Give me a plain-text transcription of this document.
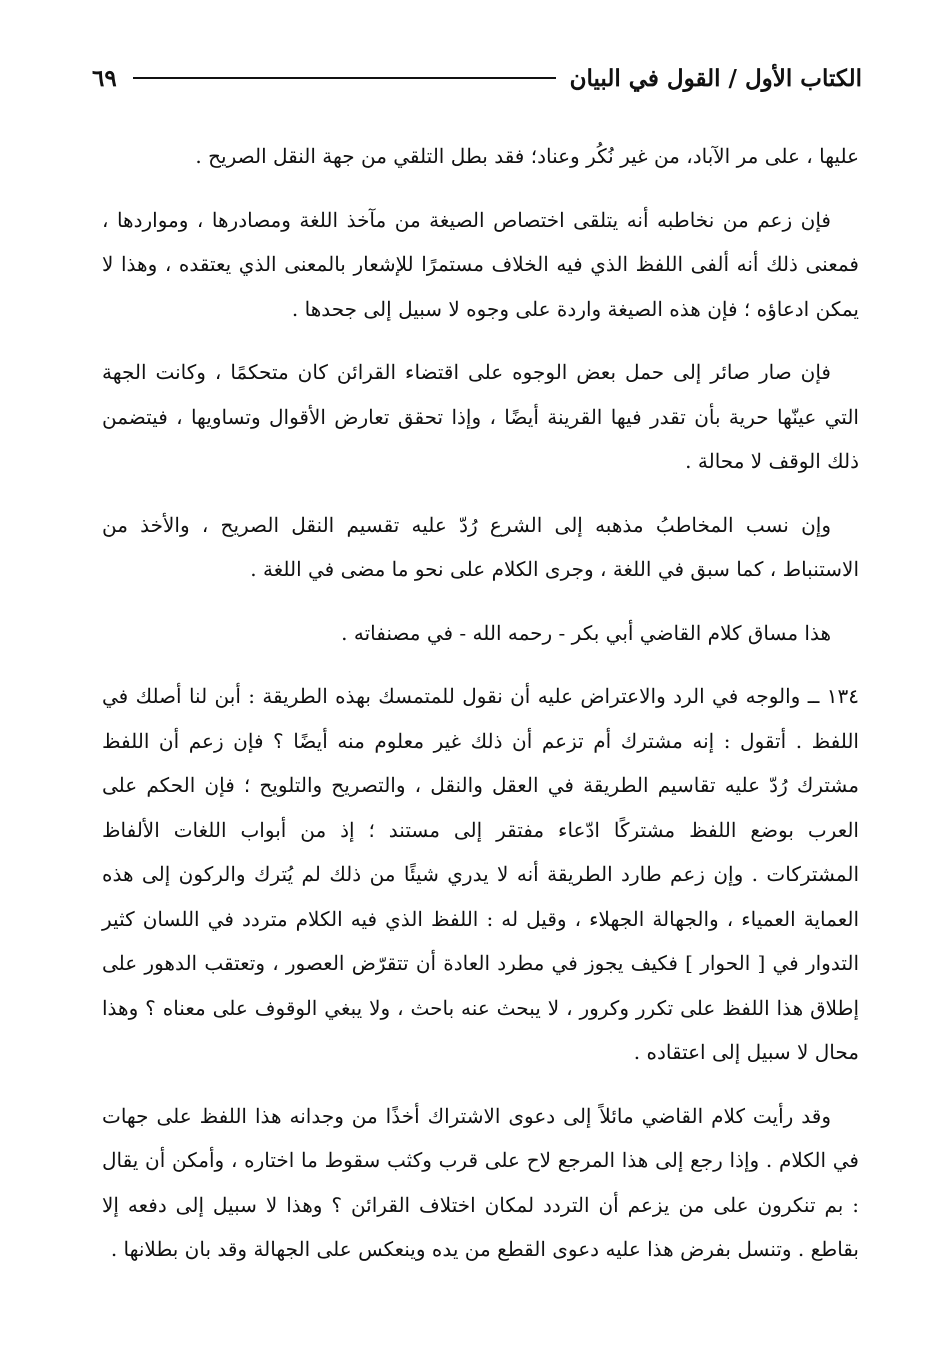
الكتاب الأول / القول في البيان
٦٩

عليها ، على مر الآباد، من غير نُكُر وعناد؛ فقد بطل التلقي من جهة النقل الصريح .

فإن زعم من نخاطبه أنه يتلقى اختصاص الصيغة من مآخذ اللغة ومصادرها ، ومواردها ، فمعنى ذلك أنه ألفى اللفظ الذي فيه الخلاف مستمرًا للإشعار بالمعنى الذي يعتقده ، وهذا لا يمكن ادعاؤه ؛ فإن هذه الصيغة واردة على وجوه لا سبيل إلى جحدها .

فإن صار صائر إلى حمل بعض الوجوه على اقتضاء القرائن كان متحكمًا ، وكانت الجهة التي عينّها حرية بأن تقدر فيها القرينة أيضًا ، وإذا تحقق تعارض الأقوال وتساويها ، فيتضمن ذلك الوقف لا محالة .

وإن نسب المخاطبُ مذهبه إلى الشرع رُدّ عليه تقسيم النقل الصريح ، والأخذ من الاستنباط ، كما سبق في اللغة ، وجرى الكلام على نحو ما مضى في اللغة .

هذا مساق كلام القاضي أبي بكر - رحمه الله - في مصنفاته .

١٣٤ ــ والوجه في الرد والاعتراض عليه أن نقول للمتمسك بهذه الطريقة : أبن لنا أصلك في اللفظ . أتقول : إنه مشترك أم تزعم أن ذلك غير معلوم منه أيضًا ؟ فإن زعم أن اللفظ مشترك رُدّ عليه تقاسيم الطريقة في العقل والنقل ، والتصريح والتلويح ؛ فإن الحكم على العرب بوضع اللفظ مشتركًا ادّعاء مفتقر إلى مستند ؛ إذ من أبواب اللغات الألفاظ المشتركات . وإن زعم طارد الطريقة أنه لا يدري شيئًا من ذلك لم يُترك والركون إلى هذه العماية العمياء ، والجهالة الجهلاء ، وقيل له : اللفظ الذي فيه الكلام متردد في اللسان كثير التدوار في [ الحوار ] فكيف يجوز في مطرد العادة أن تتقرّض العصور ، وتعتقب الدهور على إطلاق هذا اللفظ على تكرر وكرور ، لا يبحث عنه باحث ، ولا يبغي الوقوف على معناه ؟ وهذا محال لا سبيل إلى اعتقاده .

وقد رأيت كلام القاضي مائلاً إلى دعوى الاشتراك أخذًا من وجدانه هذا اللفظ على جهات في الكلام . وإذا رجع إلى هذا المرجع لاح على قرب وكثب سقوط ما اختاره ، وأمكن أن يقال : بم تنكرون على من يزعم أن التردد لمكان اختلاف القرائن ؟ وهذا لا سبيل إلى دفعه إلا بقاطع . وتنسل بفرض هذا عليه دعوى القطع من يده وينعكس على الجهالة وقد بان بطلانها .
